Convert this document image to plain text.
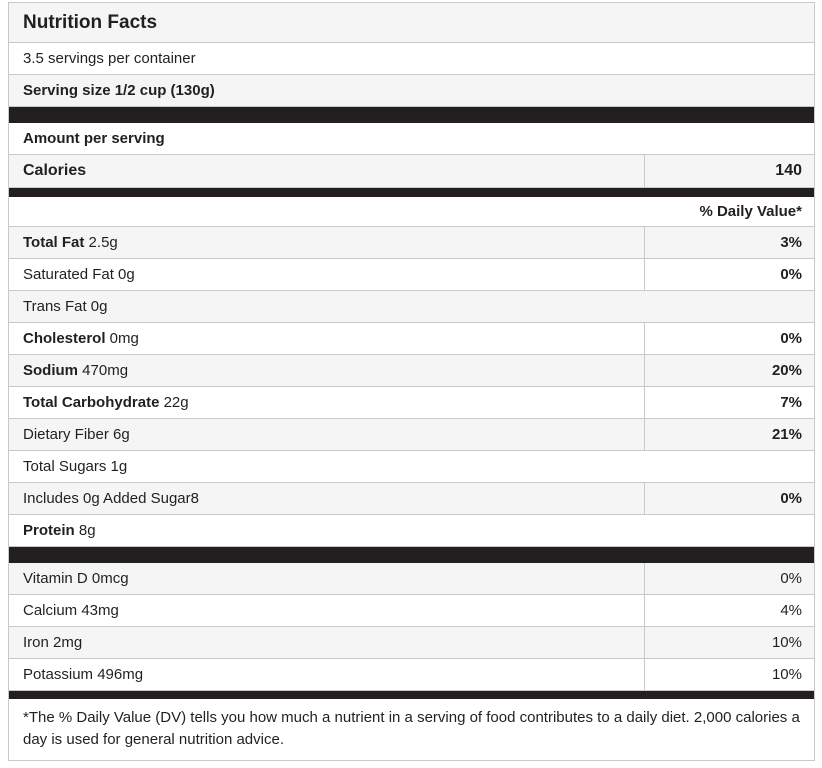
Nutrition Facts
3.5 servings per container
Serving size 1/2 cup (130g)
Amount per serving
Calories	140
% Daily Value*
Total Fat 2.5g	3%
Saturated Fat 0g	0%
Trans Fat 0g
Cholesterol 0mg	0%
Sodium 470mg	20%
Total Carbohydrate 22g	7%
Dietary Fiber 6g	21%
Total Sugars 1g
Includes 0g Added Sugar8	0%
Protein 8g
Vitamin D 0mcg	0%
Calcium 43mg	4%
Iron 2mg	10%
Potassium 496mg	10%
*The % Daily Value (DV) tells you how much a nutrient in a serving of food contributes to a daily diet. 2,000 calories a day is used for general nutrition advice.
